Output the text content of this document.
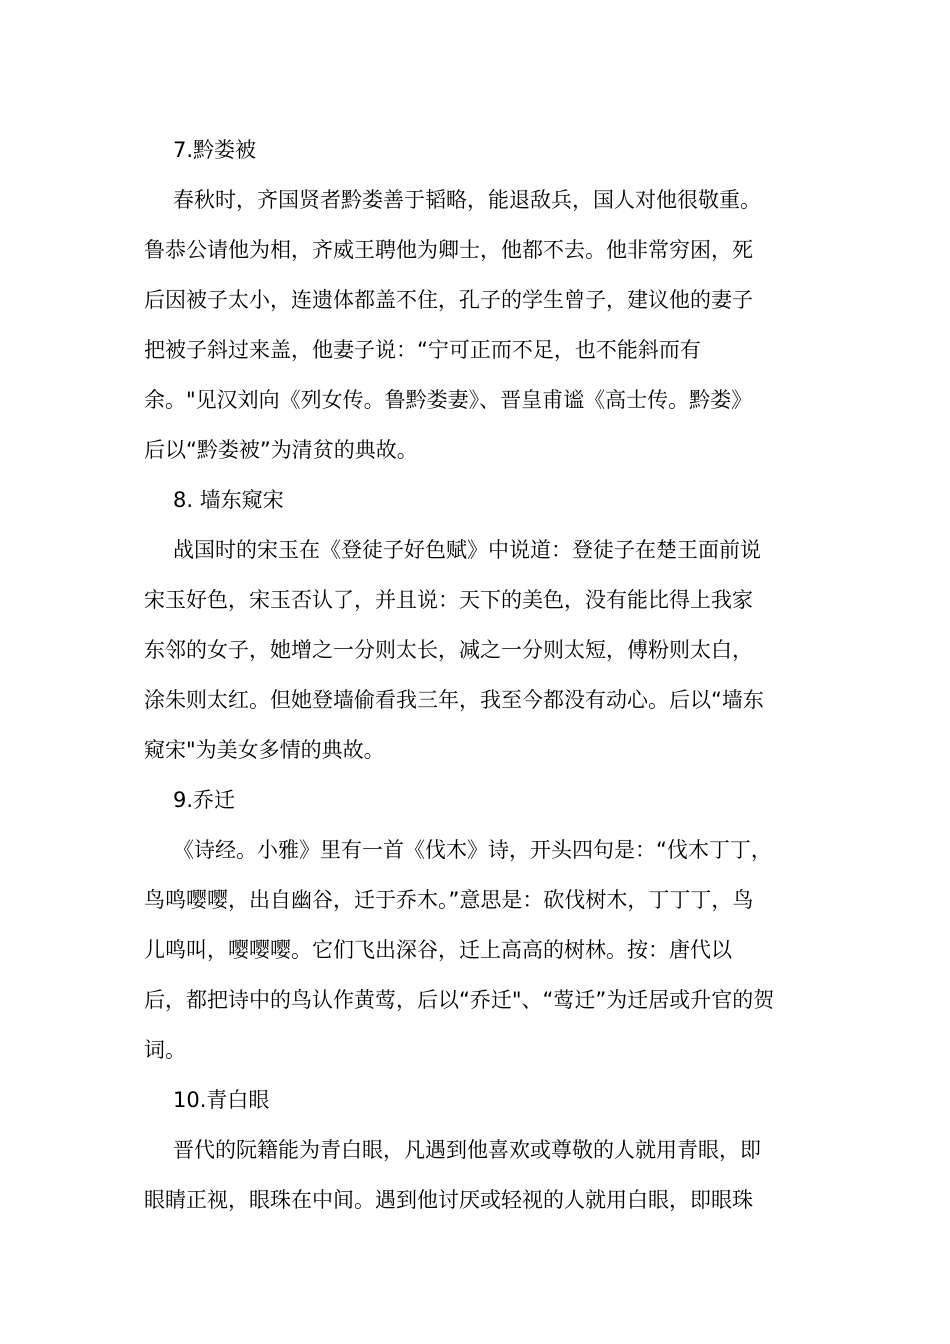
7.黔娄被
春秋时，齐国贤者黔娄善于韬略，能退敌兵，国人对他很敬重。
鲁恭公请他为相，齐威王聘他为卿士，他都不去。他非常穷困，死
后因被子太小，连遗体都盖不住，孔子的学生曾子，建议他的妻子
把被子斜过来盖，他妻子说：“宁可正而不足，也不能斜而有
余。"见汉刘向《列女传。鲁黔娄妻》、晋皇甫谧《高士传。黔娄》
后以“黔娄被”为清贫的典故。
8. 墙东窥宋
战国时的宋玉在《登徒子好色赋》中说道：登徒子在楚王面前说
宋玉好色，宋玉否认了，并且说：天下的美色，没有能比得上我家
东邻的女子，她增之一分则太长，减之一分则太短，傅粉则太白，
涂朱则太红。但她登墙偷看我三年，我至今都没有动心。后以“墙东
窥宋"为美女多情的典故。
9.乔迁
《诗经。小雅》里有一首《伐木》诗，开头四句是：“伐木丁丁，
鸟鸣嘤嘤，出自幽谷，迁于乔木。”意思是：砍伐树木，丁丁丁，鸟
儿鸣叫，嘤嘤嘤。它们飞出深谷，迁上高高的树林。按：唐代以
后，都把诗中的鸟认作黄莺，后以“乔迁"、“莺迁”为迁居或升官的贺
词。
10.青白眼
晋代的阮籍能为青白眼，凡遇到他喜欢或尊敬的人就用青眼，即
眼睛正视，眼珠在中间。遇到他讨厌或轻视的人就用白眼，即眼珠
